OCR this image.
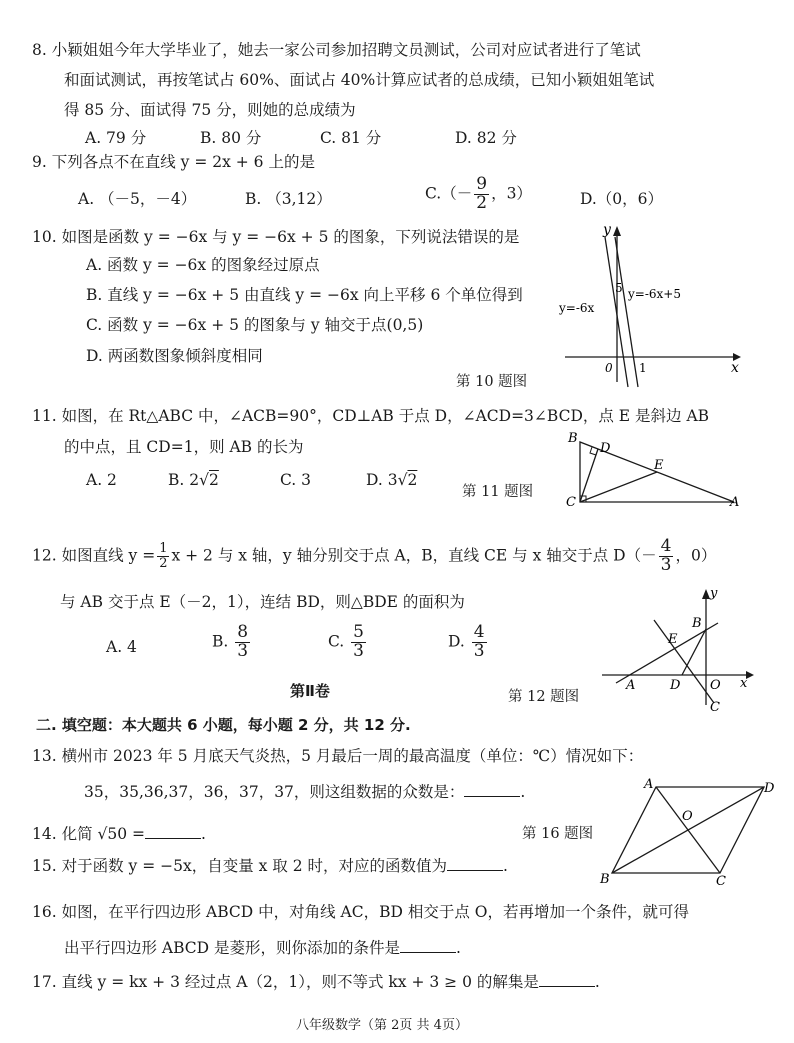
8. 小颖姐姐今年大学毕业了，她去一家公司参加招聘文员测试，公司对应试者进行了笔试
和面试测试，再按笔试占 60%、面试占 40%计算应试者的总成绩，已知小颖姐姐笔试
得 85 分、面试得 75 分，则她的总成绩为
A. 79 分	B. 80 分	C. 81 分	D. 82 分
9. 下列各点不在直线 y = 2x + 6 上的是
A. （－5，－4）	B. （3,12）	$C.(- \frac{9}{2}$ ，3）	D.（0，6）
10. 如图是函数 y = −6x 与 y = −6x + 5 的图象，下列说法错误的是
A. 函数 y = −6x 的图象经过原点
B. 直线 y = −6x + 5 由直线 y = −6x 向上平移 6 个单位得到
C. 函数 y = −6x + 5 的图象与 y 轴交于点(0,5)
D. 两函数图象倾斜度相同
第 10 题图
y
x
5
0 1
y=-6x
y=-6x+5
11. 如图，在 Rt△ABC 中，∠ACB=90°，CD⊥AB 于点 D，∠ACD=3∠BCD，点 E 是斜边 AB
的中点，且 CD=1，则 AB 的长为
A. 2	B. 2√2	C. 3	D. 3√2
第 11 题图
B
D
E
C	A
12. 如图直线 $y = \frac{1}{2}$ x + 2 与 x 轴，y 轴分别交于点 A，B，直线 CE 与 x 轴交于点 $D(- \frac{4}{3}$ ，0）
与 AB 交于点 E（－2，1），连结 BD，则△BDE 的面积为
A. 4	B. $\frac{8}{3}$	C. $\frac{5}{3}$	D. $\frac{4}{3}$
第 12 题图
y
x
B
E
A	D O
C
第Ⅱ卷
二. 填空题：本大题共 6 小题，每小题 2 分，共 12 分.
13. 横州市 2023 年 5 月底天气炎热，5 月最后一周的最高温度（单位：℃）情况如下：
35，35,36,37，36，37，37，则这组数据的众数是：	.
14. 化简 √50 =	.
15. 对于函数 y = −5x，自变量 x 取 2 时，对应的函数值为	.
第 16 题图
A	D
O
B	C
16. 如图，在平行四边形 ABCD 中，对角线 AC，BD 相交于点 O，若再增加一个条件，就可得
出平行四边形 ABCD 是菱形，则你添加的条件是	.
17. 直线 y = kx + 3 经过点 A（2，1），则不等式 kx + 3 ≥ 0 的解集是	.
八年级数学（第 2页 共 4页）
